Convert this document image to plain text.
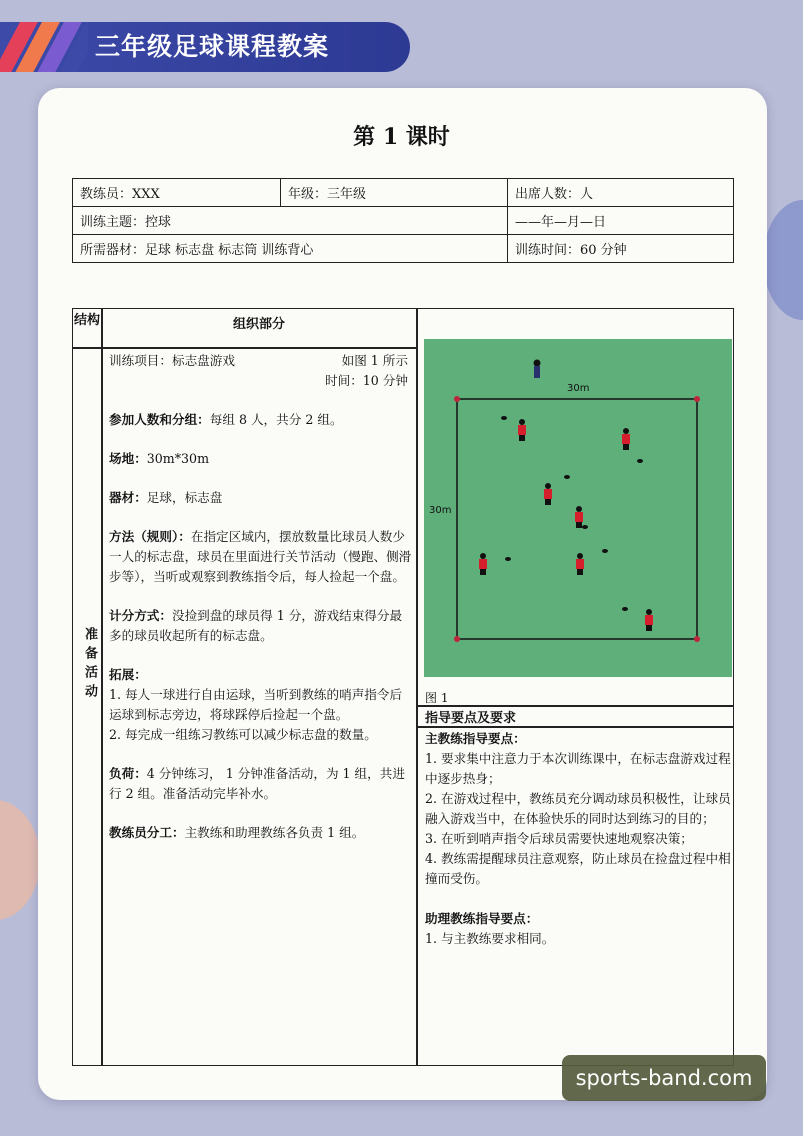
三年级足球课程教案
第 1 课时
教练员：XXX	年级：三年级	出席人数：人
训练主题：控球		——年—月—日
所需器材：足球 标志盘 标志筒 训练背心		训练时间：60 分钟
结构	组织部分
准备活动

训练项目：标志盘游戏	如图 1 所示

时间：10 分钟

参加人数和分组：每组 8 人，共分 2 组。

场地：30m*30m

器材：足球，标志盘

方法（规则）：在指定区域内，摆放数量比球员人数少一人的标志盘，球员在里面进行关节活动（慢跑、侧滑步等），当听或观察到教练指令后，每人捡起一个盘。

计分方式：没捡到盘的球员得 1 分，游戏结束得分最多的球员收起所有的标志盘。

拓展：

1. 每人一球进行自由运球，当听到教练的哨声指令后运球到标志旁边，将球踩停后捡起一个盘。

2. 每完成一组练习教练可以减少标志盘的数量。

负荷：4 分钟练习， 1 分钟准备活动，为 1 组，共进行 2 组。准备活动完毕补水。

教练员分工：主教练和助理教练各负责 1 组。

30m
30m
图 1
指导要点及要求

主教练指导要点：

1. 要求集中注意力于本次训练课中，在标志盘游戏过程中逐步热身；

2. 在游戏过程中，教练员充分调动球员积极性，让球员融入游戏当中，在体验快乐的同时达到练习的目的；

3. 在听到哨声指令后球员需要快速地观察决策；

4. 教练需提醒球员注意观察，防止球员在捡盘过程中相撞而受伤。

助理教练指导要点：

1. 与主教练要求相同。

sports-band.com
